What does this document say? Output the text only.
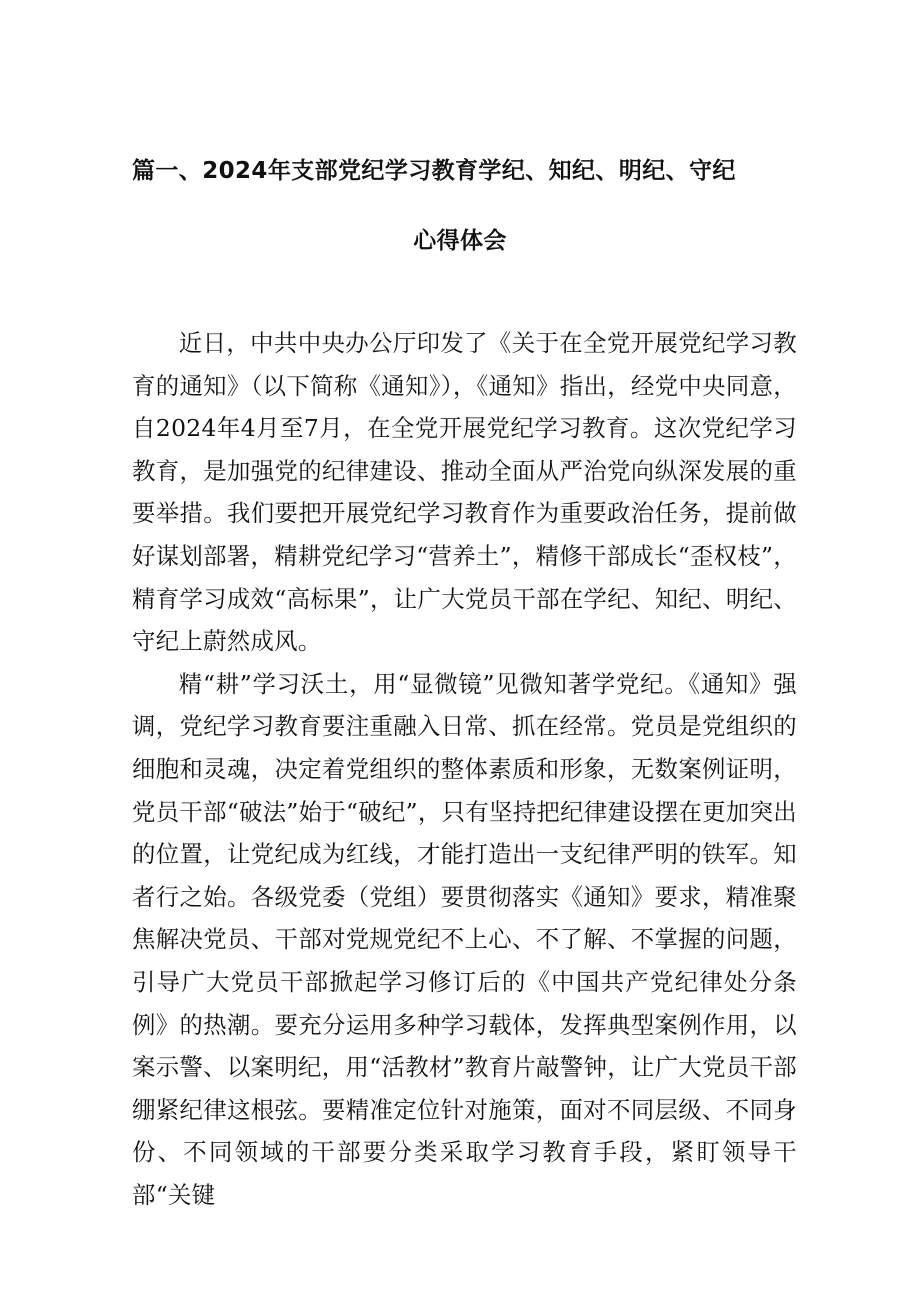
篇一、2024年支部党纪学习教育学纪、知纪、明纪、守纪
心得体会

近日，中共中央办公厅印发了《关于在全党开展党纪学习教育的通知》（以下简称《通知》），《通知》指出，经党中央同意，自2024年4月至7月，在全党开展党纪学习教育。这次党纪学习教育，是加强党的纪律建设、推动全面从严治党向纵深发展的重要举措。我们要把开展党纪学习教育作为重要政治任务，提前做好谋划部署，精耕党纪学习“营养土”，精修干部成长“歪权枝”，精育学习成效“高标果”，让广大党员干部在学纪、知纪、明纪、守纪上蔚然成风。

精“耕”学习沃土，用“显微镜”见微知著学党纪。《通知》强调，党纪学习教育要注重融入日常、抓在经常。党员是党组织的细胞和灵魂，决定着党组织的整体素质和形象，无数案例证明，党员干部“破法”始于“破纪”，只有坚持把纪律建设摆在更加突出的位置，让党纪成为红线，才能打造出一支纪律严明的铁军。知者行之始。各级党委（党组）要贯彻落实《通知》要求，精准聚焦解决党员、干部对党规党纪不上心、不了解、不掌握的问题，引导广大党员干部掀起学习修订后的《中国共产党纪律处分条例》的热潮。要充分运用多种学习载体，发挥典型案例作用，以案示警、以案明纪，用“活教材”教育片敲警钟，让广大党员干部绷紧纪律这根弦。要精准定位针对施策，面对不同层级、不同身份、不同领域的干部要分类采取学习教育手段，紧盯领导干部“关键
